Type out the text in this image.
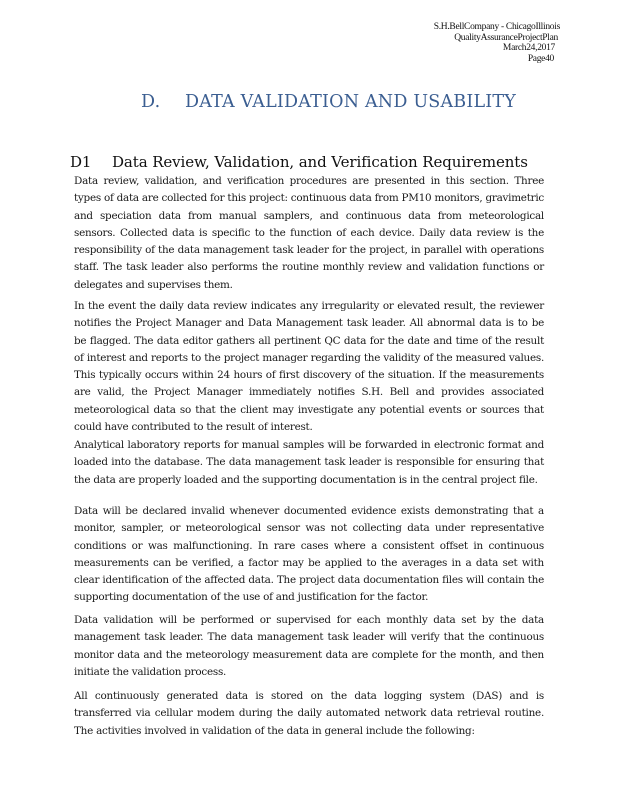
S.H.BellCompany - ChicagoIllinois
QualityAssuranceProjectPlan
March24,2017
Page40
D. DATA VALIDATION AND USABILITY
D1 Data Review, Validation, and Verification Requirements

Data review, validation, and verification procedures are presented in this section. Three types of data are collected for this project: continuous data from PM10 monitors, gravimetric and speciation data from manual samplers, and continuous data from meteorological sensors. Collected data is specific to the function of each device. Daily data review is the responsibility of the data management task leader for the project, in parallel with operations staff. The task leader also performs the routine monthly review and validation functions or delegates and supervises them.

In the event the daily data review indicates any irregularity or elevated result, the reviewer notifies the Project Manager and Data Management task leader. All abnormal data is to be be flagged. The data editor gathers all pertinent QC data for the date and time of the result of interest and reports to the project manager regarding the validity of the measured values. This typically occurs within 24 hours of first discovery of the situation. If the measurements are valid, the Project Manager immediately notifies S.H. Bell and provides associated meteorological data so that the client may investigate any potential events or sources that could have contributed to the result of interest.

Analytical laboratory reports for manual samples will be forwarded in electronic format and loaded into the database. The data management task leader is responsible for ensuring that the data are properly loaded and the supporting documentation is in the central project file.

Data will be declared invalid whenever documented evidence exists demonstrating that a monitor, sampler, or meteorological sensor was not collecting data under representative conditions or was malfunctioning. In rare cases where a consistent offset in continuous measurements can be verified, a factor may be applied to the averages in a data set with clear identification of the affected data. The project data documentation files will contain the supporting documentation of the use of and justification for the factor.

Data validation will be performed or supervised for each monthly data set by the data management task leader. The data management task leader will verify that the continuous monitor data and the meteorology measurement data are complete for the month, and then initiate the validation process.

All continuously generated data is stored on the data logging system (DAS) and is transferred via cellular modem during the daily automated network data retrieval routine. The activities involved in validation of the data in general include the following:
